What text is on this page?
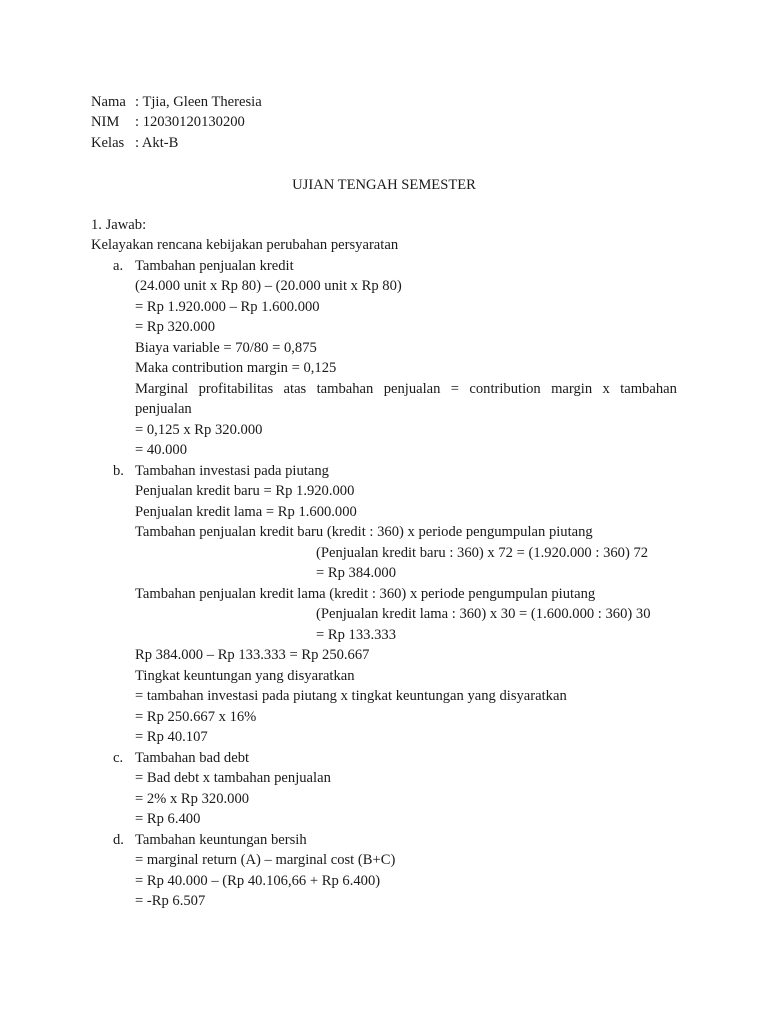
Nama : Tjia, Gleen Theresia
NIM : 12030120130200
Kelas : Akt-B
UJIAN TENGAH SEMESTER
1. Jawab:
Kelayakan rencana kebijakan perubahan persyaratan
a. Tambahan penjualan kredit
(24.000 unit x Rp 80) – (20.000 unit x Rp 80)
= Rp 1.920.000 – Rp 1.600.000
= Rp 320.000
Biaya variable = 70/80 = 0,875
Maka contribution margin = 0,125
Marginal profitabilitas atas tambahan penjualan = contribution margin x tambahan
penjualan
= 0,125 x Rp 320.000
= 40.000
b. Tambahan investasi pada piutang
Penjualan kredit baru = Rp 1.920.000
Penjualan kredit lama = Rp 1.600.000
Tambahan penjualan kredit baru (kredit : 360) x periode pengumpulan piutang
(Penjualan kredit baru : 360) x 72 = (1.920.000 : 360) 72
= Rp 384.000
Tambahan penjualan kredit lama (kredit : 360) x periode pengumpulan piutang
(Penjualan kredit lama : 360) x 30 = (1.600.000 : 360) 30
= Rp 133.333
Rp 384.000 – Rp 133.333 = Rp 250.667
Tingkat keuntungan yang disyaratkan
= tambahan investasi pada piutang x tingkat keuntungan yang disyaratkan
= Rp 250.667 x 16%
= Rp 40.107
c. Tambahan bad debt
= Bad debt x tambahan penjualan
= 2% x Rp 320.000
= Rp 6.400
d. Tambahan keuntungan bersih
= marginal return (A) – marginal cost (B+C)
= Rp 40.000 – (Rp 40.106,66 + Rp 6.400)
= -Rp 6.507
